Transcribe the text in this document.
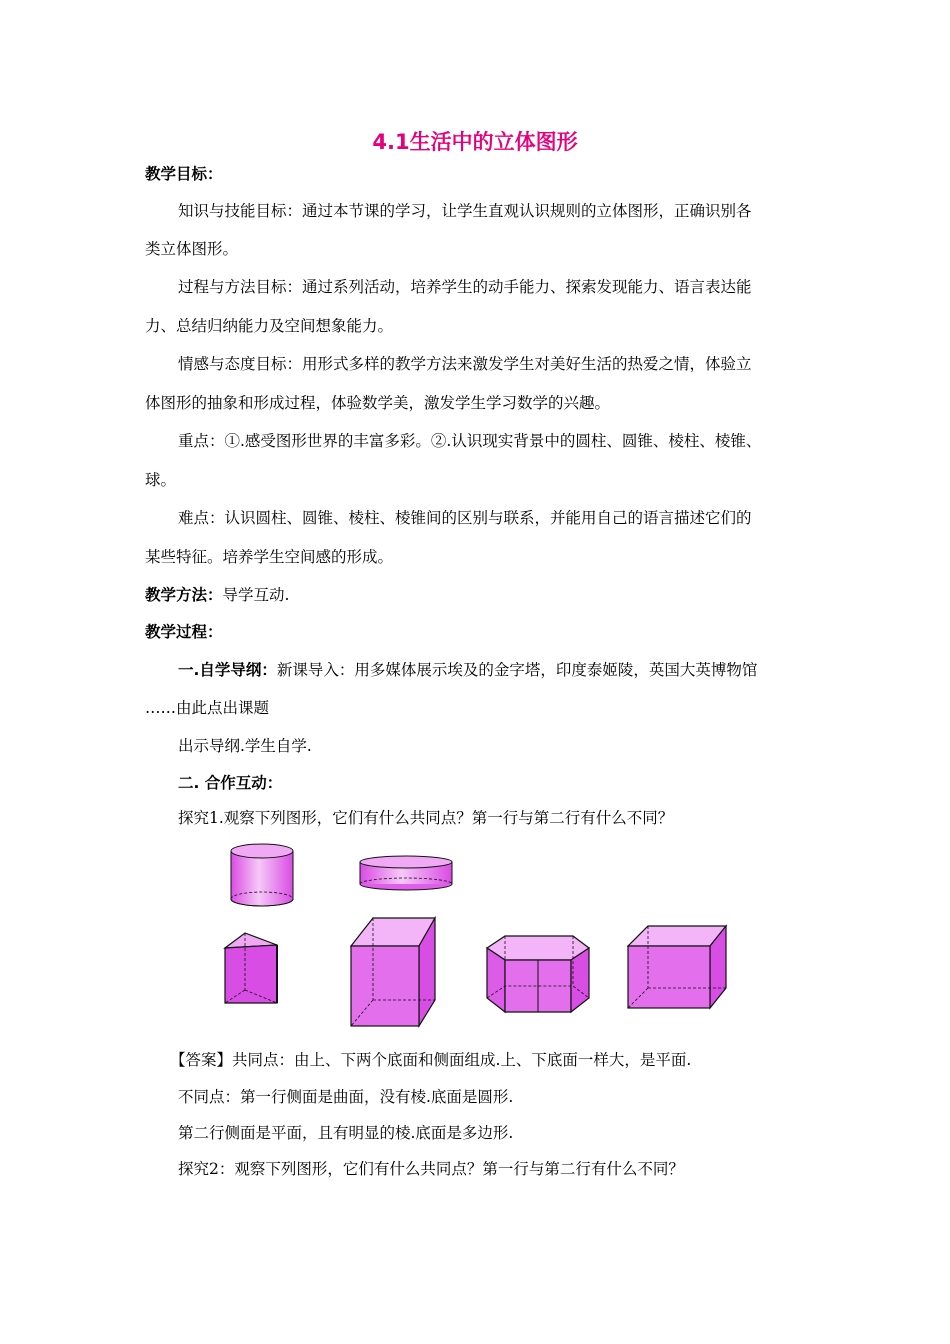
4.1生活中的立体图形
教学目标：
知识与技能目标：通过本节课的学习，让学生直观认识规则的立体图形，正确识别各
类立体图形。
过程与方法目标：通过系列活动，培养学生的动手能力、探索发现能力、语言表达能
力、总结归纳能力及空间想象能力。
情感与态度目标：用形式多样的教学方法来激发学生对美好生活的热爱之情，体验立
体图形的抽象和形成过程，体验数学美，激发学生学习数学的兴趣。
重点：①.感受图形世界的丰富多彩。②.认识现实背景中的圆柱、圆锥、棱柱、棱锥、
球。
难点：认识圆柱、圆锥、棱柱、棱锥间的区别与联系，并能用自己的语言描述它们的
某些特征。培养学生空间感的形成。
教学方法：导学互动.
教学过程：
一.自学导纲：新课导入：用多媒体展示埃及的金字塔，印度泰姬陵，英国大英博物馆
……由此点出课题
出示导纲.学生自学.
二. 合作互动：
探究1.观察下列图形，它们有什么共同点？第一行与第二行有什么不同？
【答案】共同点：由上、下两个底面和侧面组成.上、下底面一样大，是平面.
不同点：第一行侧面是曲面，没有棱.底面是圆形.
第二行侧面是平面，且有明显的棱.底面是多边形.
探究2：观察下列图形，它们有什么共同点？第一行与第二行有什么不同？
